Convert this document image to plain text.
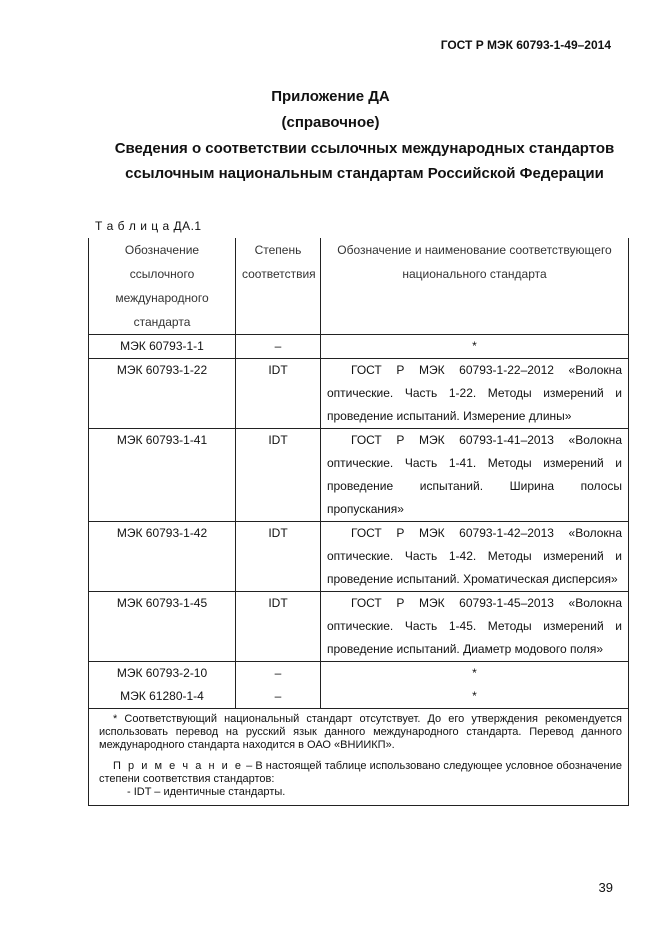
ГОСТ Р МЭК 60793-1-49–2014

Приложение ДА

(справочное)

Сведения о соответствии ссылочных международных стандартов
ссылочным национальным стандартам Российской Федерации
Т а б л и ц а ДА.1
Обозначение ссылочного международного стандарта	Степень соответствия	Обозначение и наименование соответствующего национального стандарта
МЭК 60793-1-1	–	*
МЭК 60793-1-22	IDT	ГОСТ Р МЭК 60793-1-22–2012 «Волокна оптические. Часть 1-22. Методы измерений и проведение испытаний. Измерение длины»
МЭК 60793-1-41	IDT	ГОСТ Р МЭК 60793-1-41–2013 «Волокна оптические. Часть 1-41. Методы измерений и проведение испытаний. Ширина полосы пропускания»
МЭК 60793-1-42	IDT	ГОСТ Р МЭК 60793-1-42–2013 «Волокна оптические. Часть 1-42. Методы измерений и проведение испытаний. Хроматическая дисперсия»
МЭК 60793-1-45	IDT	ГОСТ Р МЭК 60793-1-45–2013 «Волокна оптические. Часть 1-45. Методы измерений и проведение испытаний. Диаметр модового поля»
МЭК 60793-2-10	–	*
МЭК 61280-1-4	–	*

* Соответствующий национальный стандарт отсутствует. До его утверждения рекомендуется использовать перевод на русский язык данного международного стандарта. Перевод данного международного стандарта находится в ОАО «ВНИИКП».

П р и м е ч а н и е – В настоящей таблице использовано следующее условное обозначение степени соответствия стандартов:

- IDT – идентичные стандарты.		

39
